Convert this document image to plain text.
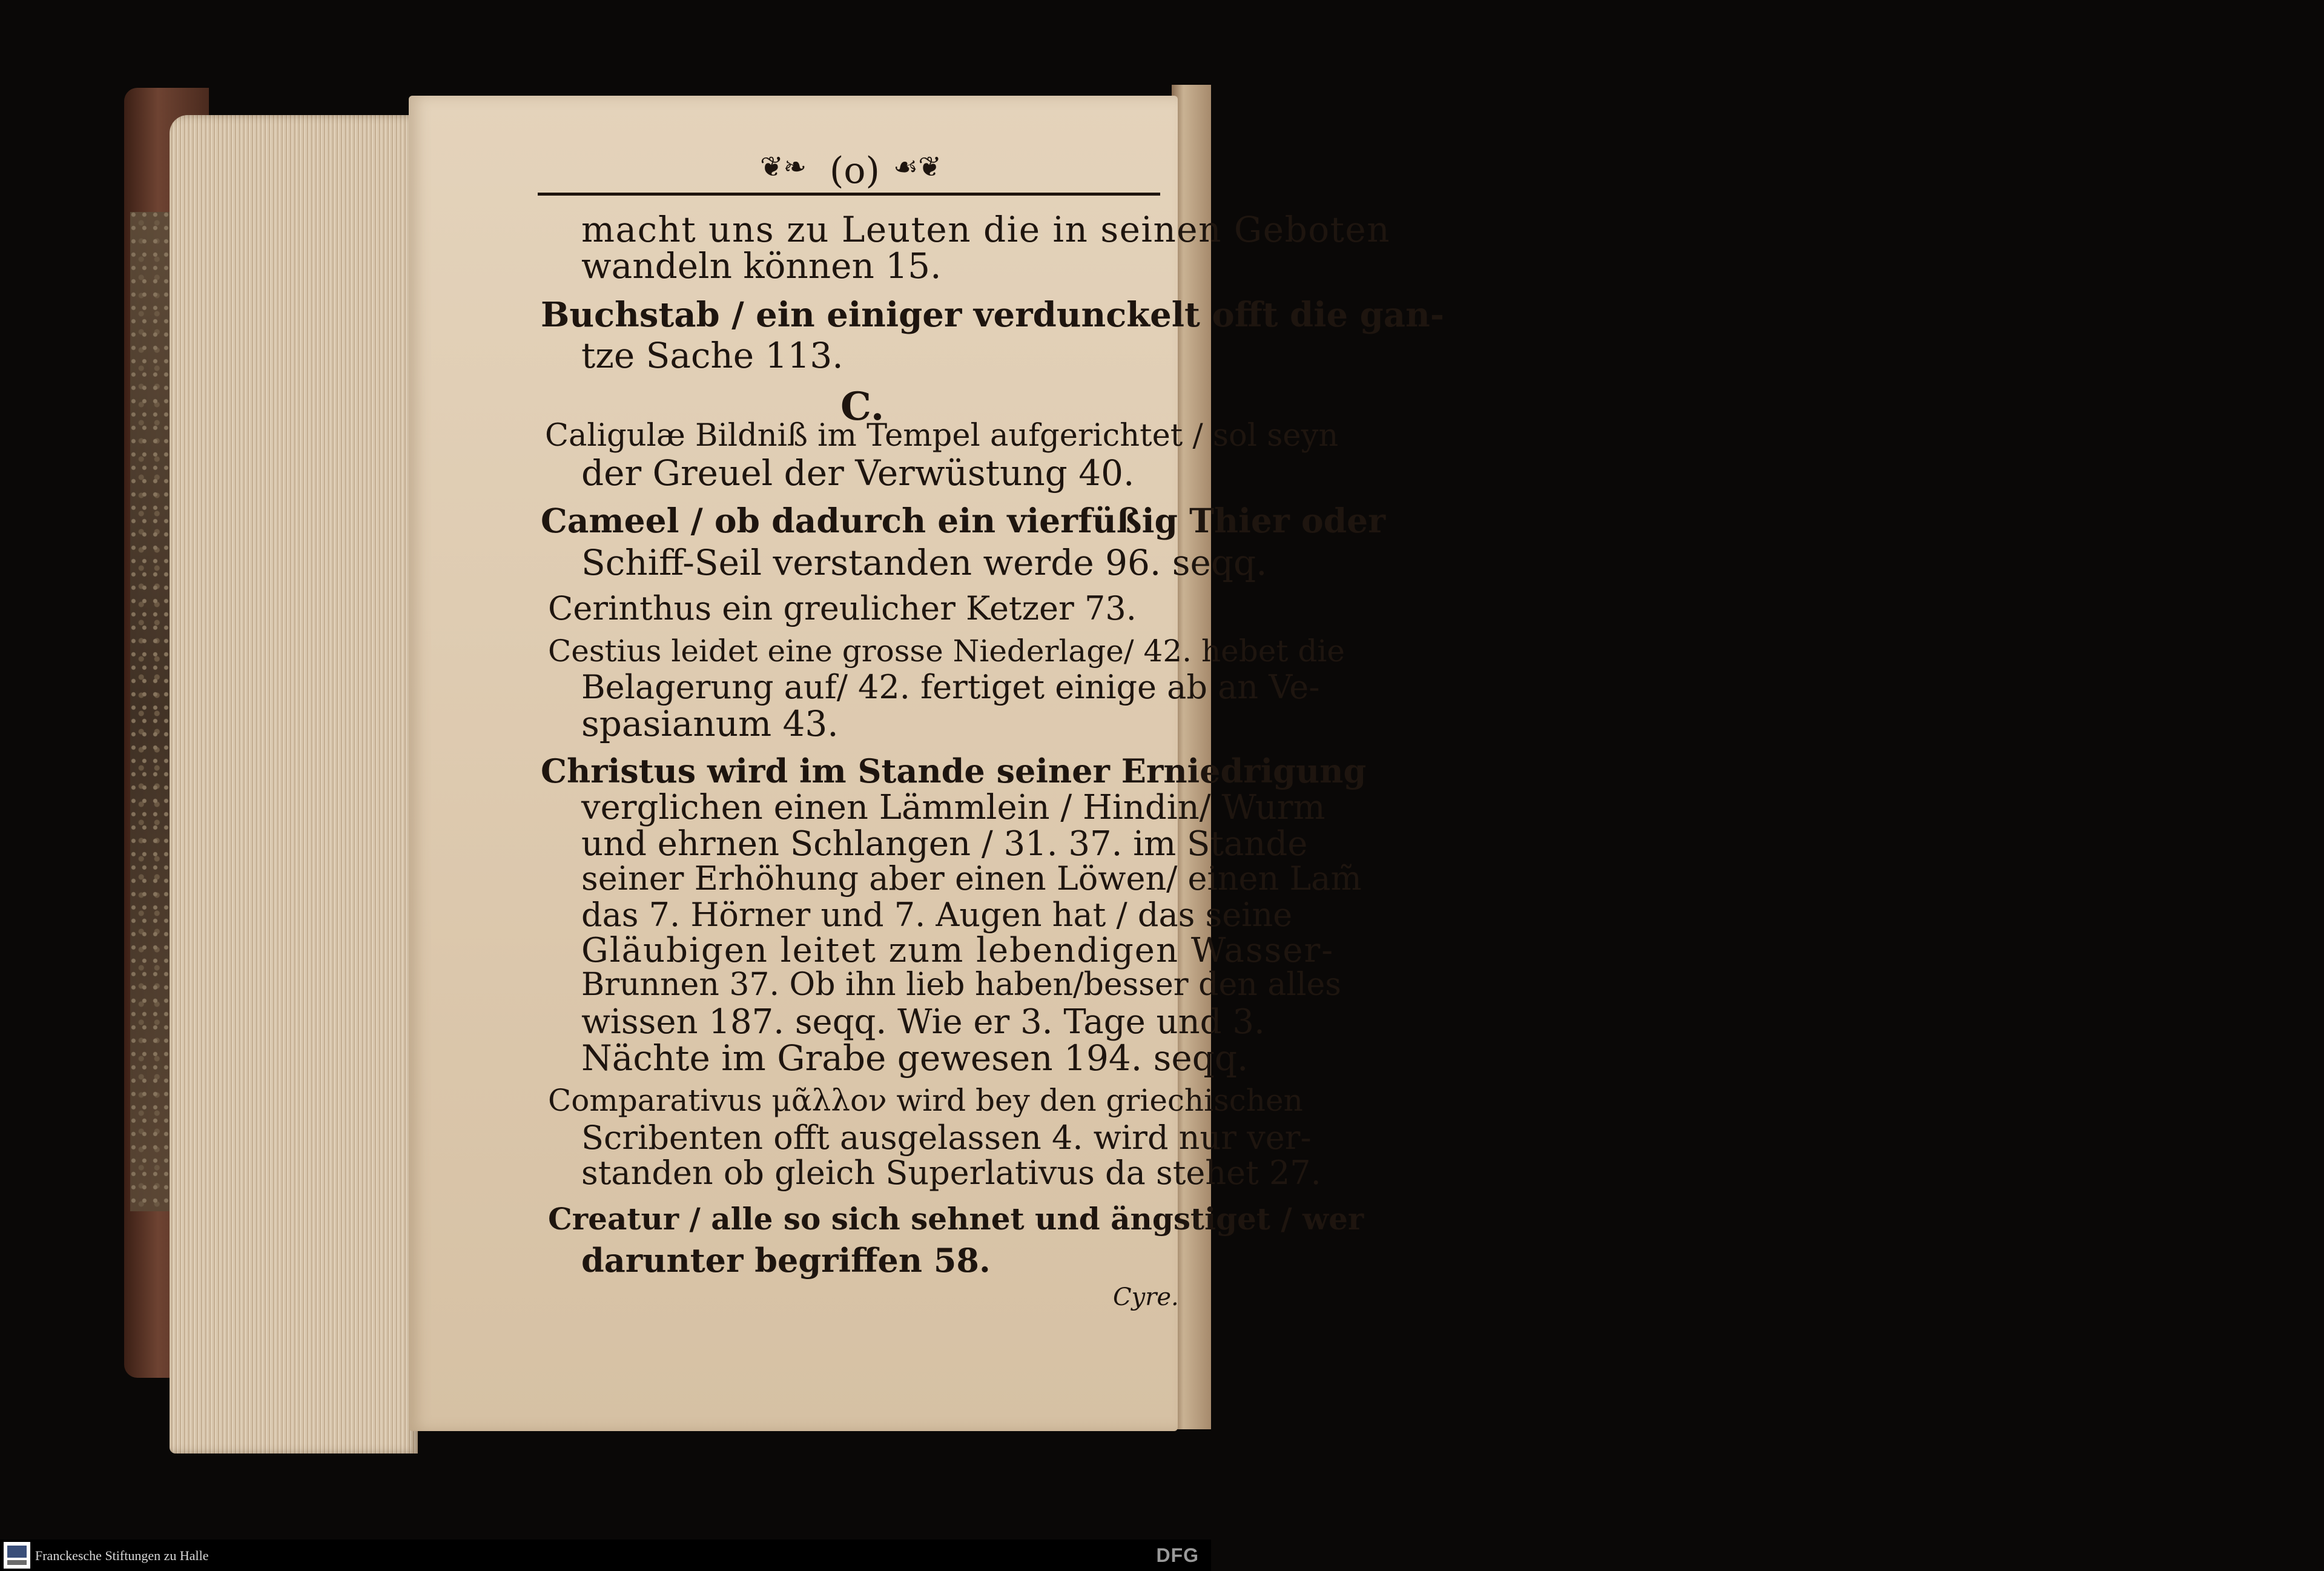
❦❧ (o) ☙❦
macht uns zu Leuten die in seinen Geboten
wandeln können 15.
Buchstab / ein einiger verdunckelt offt die gan-
tze Sache 113.
C.
Caligulæ Bildniß im Tempel aufgerichtet / sol seyn
der Greuel der Verwüstung 40.
Cameel / ob dadurch ein vierfüßig Thier oder
Schiff-Seil verstanden werde 96. seqq.
Cerinthus ein greulicher Ketzer 73.
Cestius leidet eine grosse Niederlage/ 42. hebet die
Belagerung auf/ 42. fertiget einige ab an Ve-
spasianum 43.
Christus wird im Stande seiner Erniedrigung
verglichen einen Lämmlein / Hindin/ Wurm
und ehrnen Schlangen / 31. 37. im Stande
seiner Erhöhung aber einen Löwen/ einen Lam̃
das 7. Hörner und 7. Augen hat / das seine
Gläubigen leitet zum lebendigen Wasser-
Brunnen 37. Ob ihn lieb haben/besser den alles
wissen 187. seqq. Wie er 3. Tage und 3.
Nächte im Grabe gewesen 194. seqq.
Comparativus μᾶλλον wird bey den griechischen
Scribenten offt ausgelassen 4. wird nur ver-
standen ob gleich Superlativus da stehet 27.
Creatur / alle so sich sehnet und ängstiget / wer
darunter begriffen 58.
Cyre.
Franckesche Stiftungen zu Halle	DFG
